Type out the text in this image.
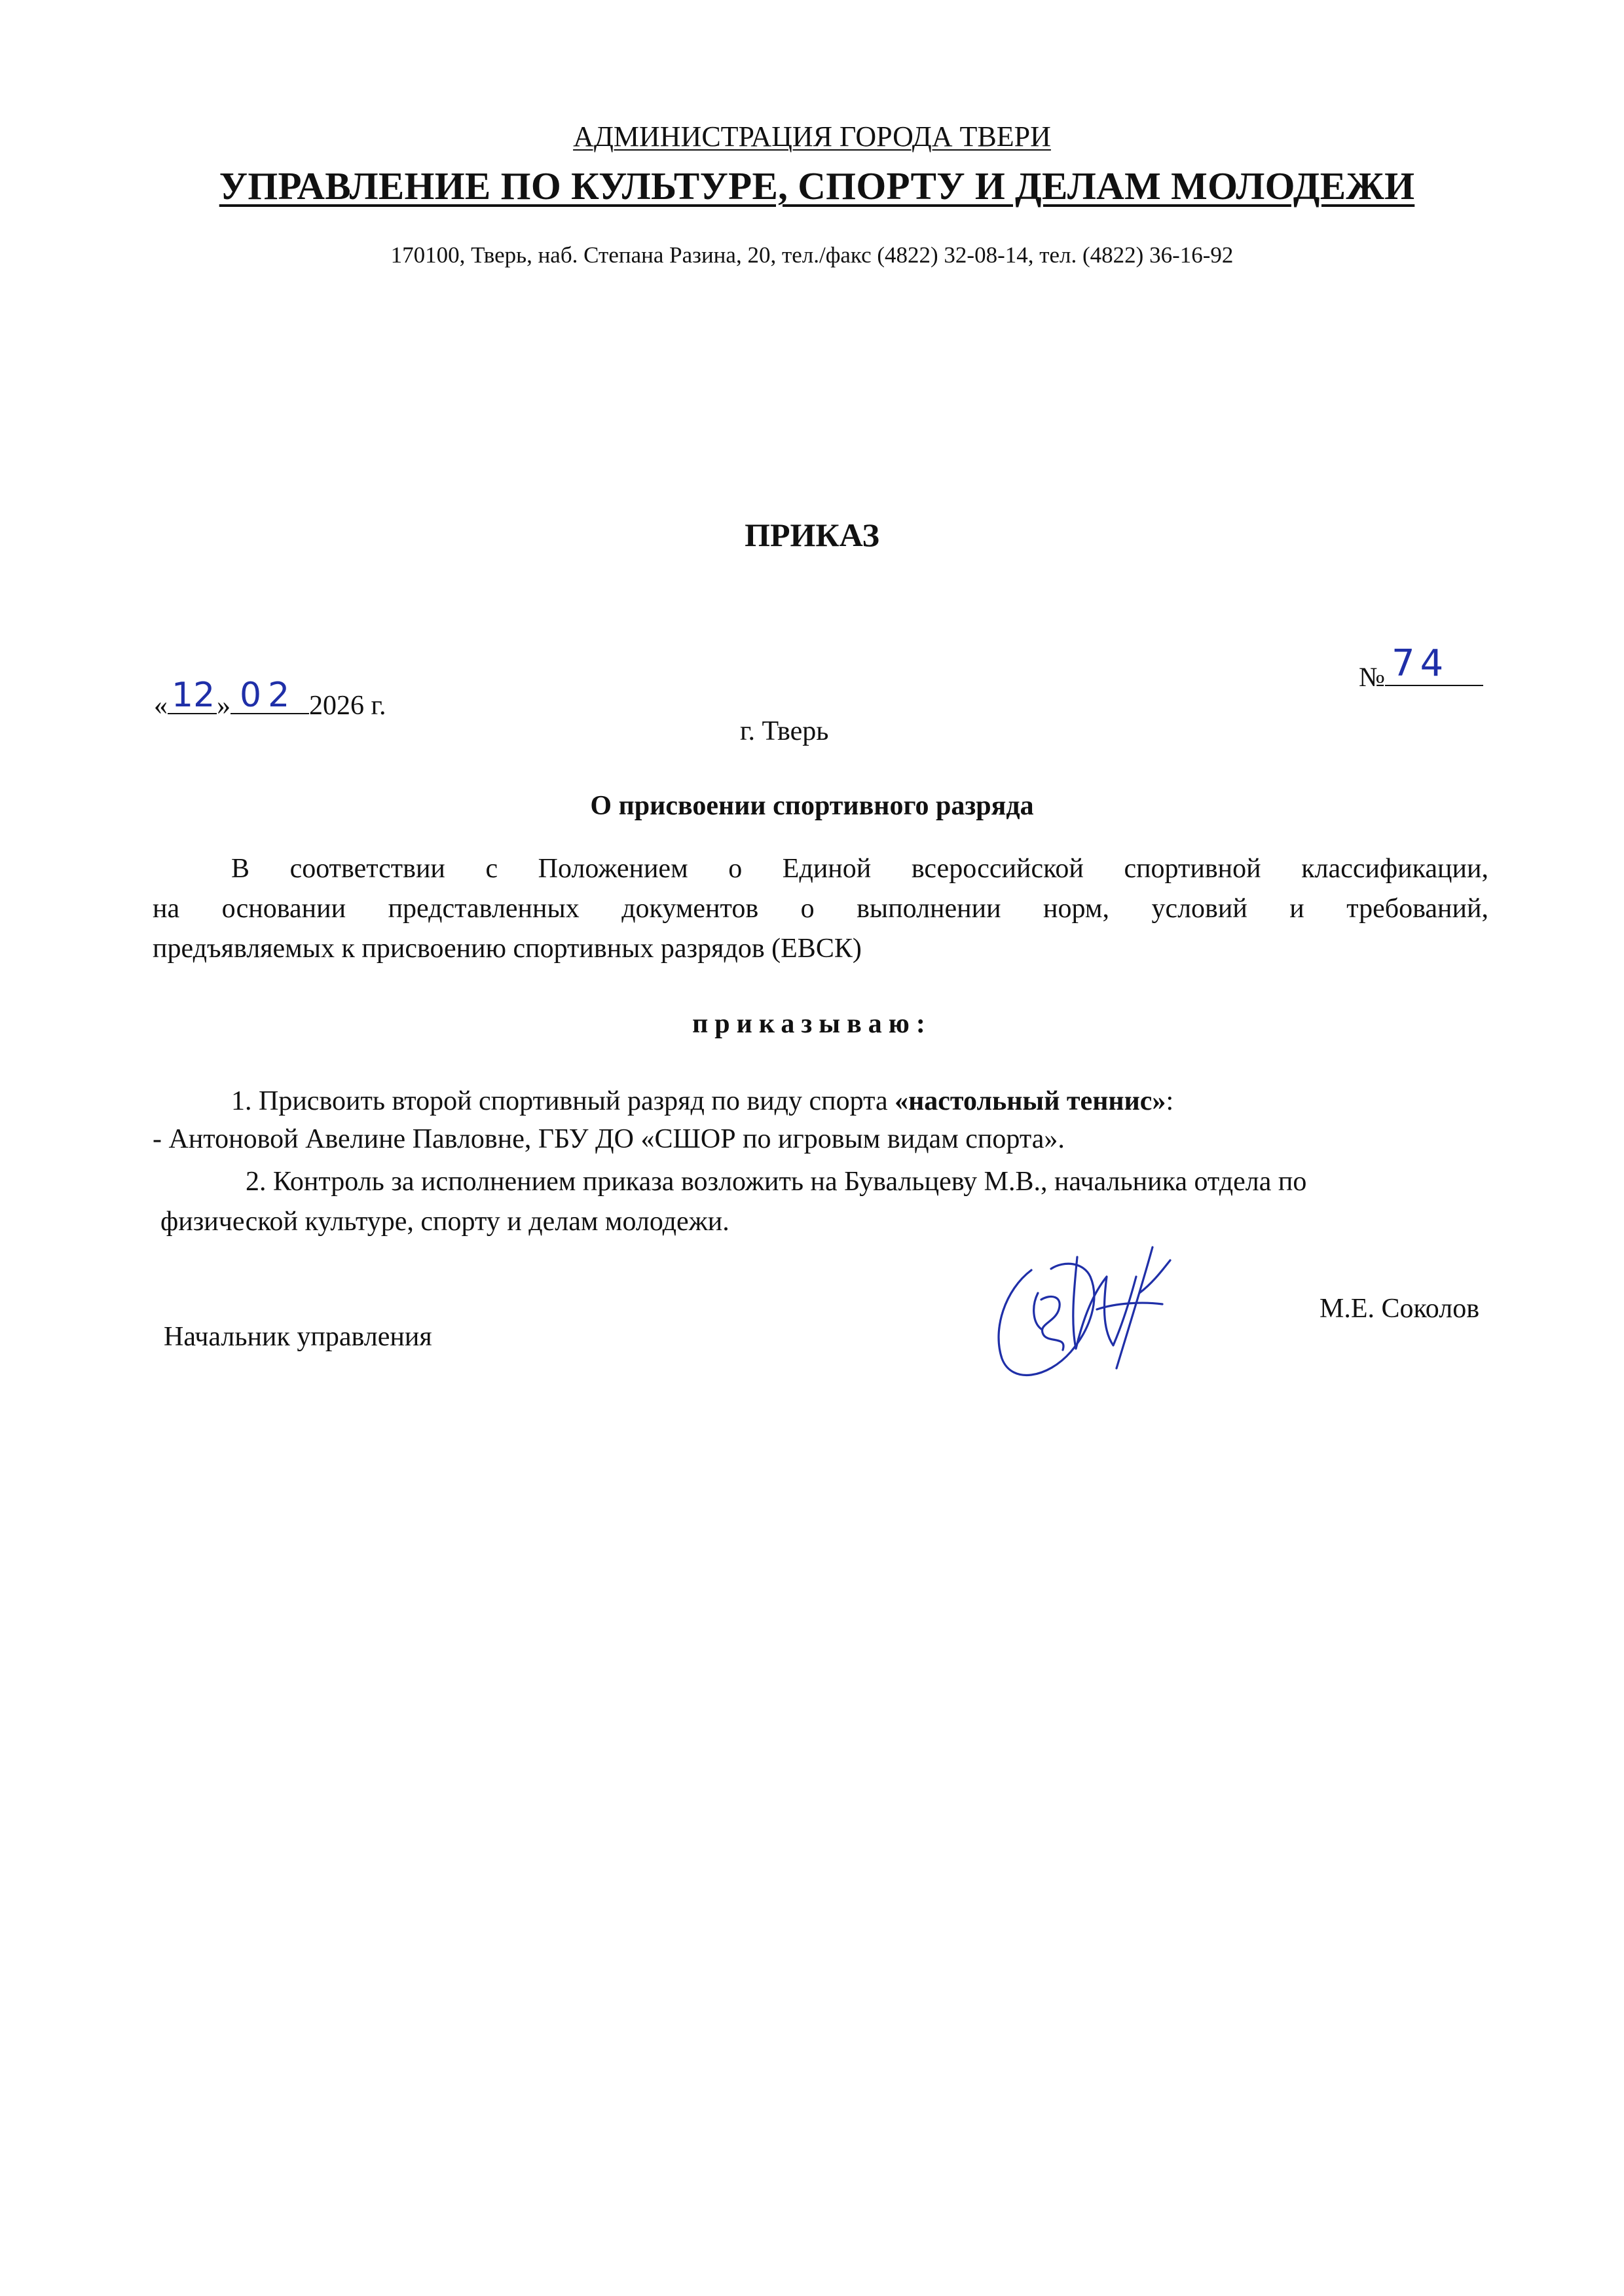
АДМИНИСТРАЦИЯ ГОРОДА ТВЕРИ
УПРАВЛЕНИЕ ПО КУЛЬТУРЕ, СПОРТУ И ДЕЛАМ МОЛОДЕЖИ
170100, Тверь, наб. Степана Разина, 20, тел./факс (4822) 32-08-14, тел. (4822) 36-16-92
ПРИКАЗ
« 12 » 02 2026 г.
№ 74
г. Тверь
О присвоении спортивного разряда
В соответствии с Положением о Единой всероссийской спортивной классификации,
на основании представленных документов о выполнении норм, условий и требований,
предъявляемых к присвоению спортивных разрядов (ЕВСК)
приказываю:
1. Присвоить второй спортивный разряд по виду спорта «настольный теннис»:
- Антоновой Авелине Павловне, ГБУ ДО «СШОР по игровым видам спорта».
2. Контроль за исполнением приказа возложить на Бувальцеву М.В., начальника отдела по
физической культуре, спорту и делам молодежи.
Начальник управления
М.Е. Соколов
